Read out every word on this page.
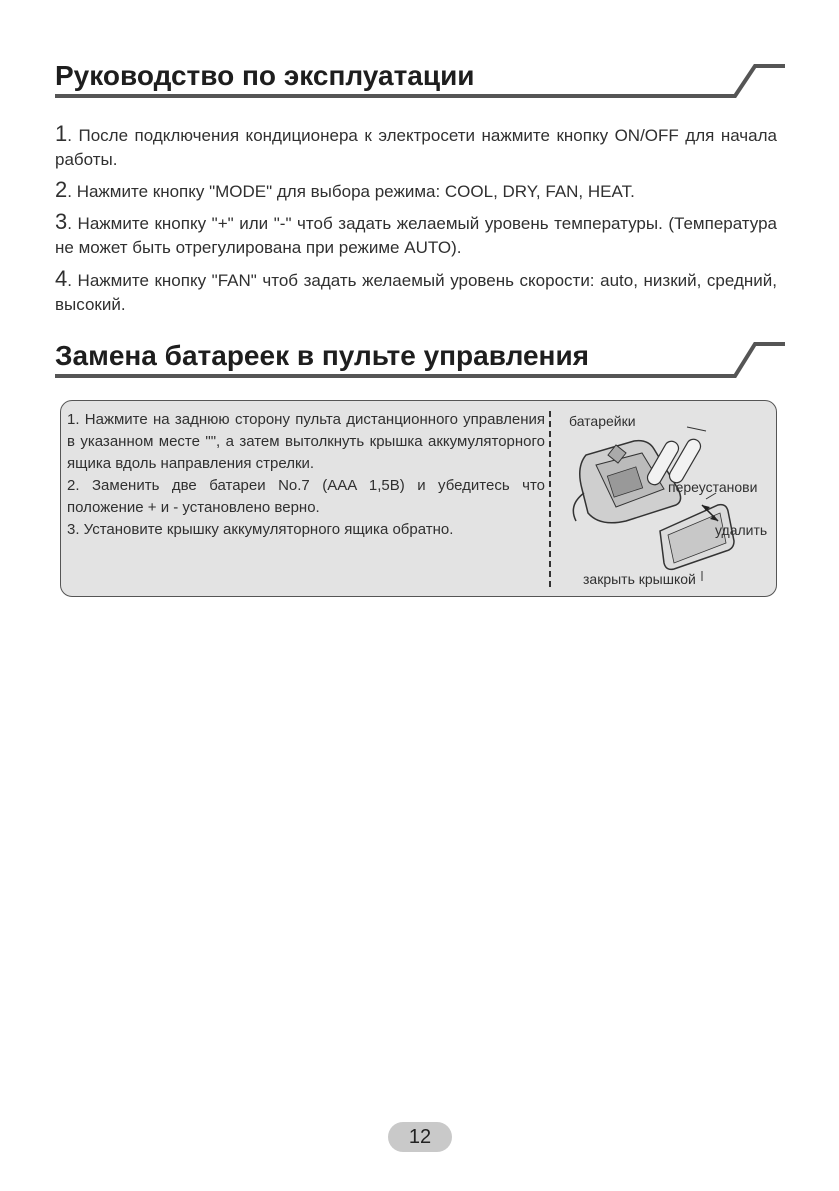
Руководство по эксплуатации

1. После подключения кондиционера к электросети нажмите кнопку ON/OFF для начала работы.

2. Нажмите кнопку "MODE" для выбора режима: COOL, DRY, FAN, HEAT.

3. Нажмите кнопку "+" или "-" чтоб задать желаемый уровень температуры. (Температура не может быть отрегулирована при режиме AUTO).

4. Нажмите кнопку "FAN" чтоб задать желаемый уровень скорости: auto, низкий, средний, высокий.

Замена батареек в пульте управления

1. Нажмите на заднюю сторону пульта дистанционного управления в указанном месте "", а затем вытолкнуть крышка аккумуляторного ящика вдоль направления стрелки.

2. Заменить две батареи No.7 (AAA 1,5В) и убедитесь что положение + и - установлено верно.

3. Установите крышку аккумуляторного ящика обратно.

батарейки
переустанови
удалить
закрыть крышкой
12
